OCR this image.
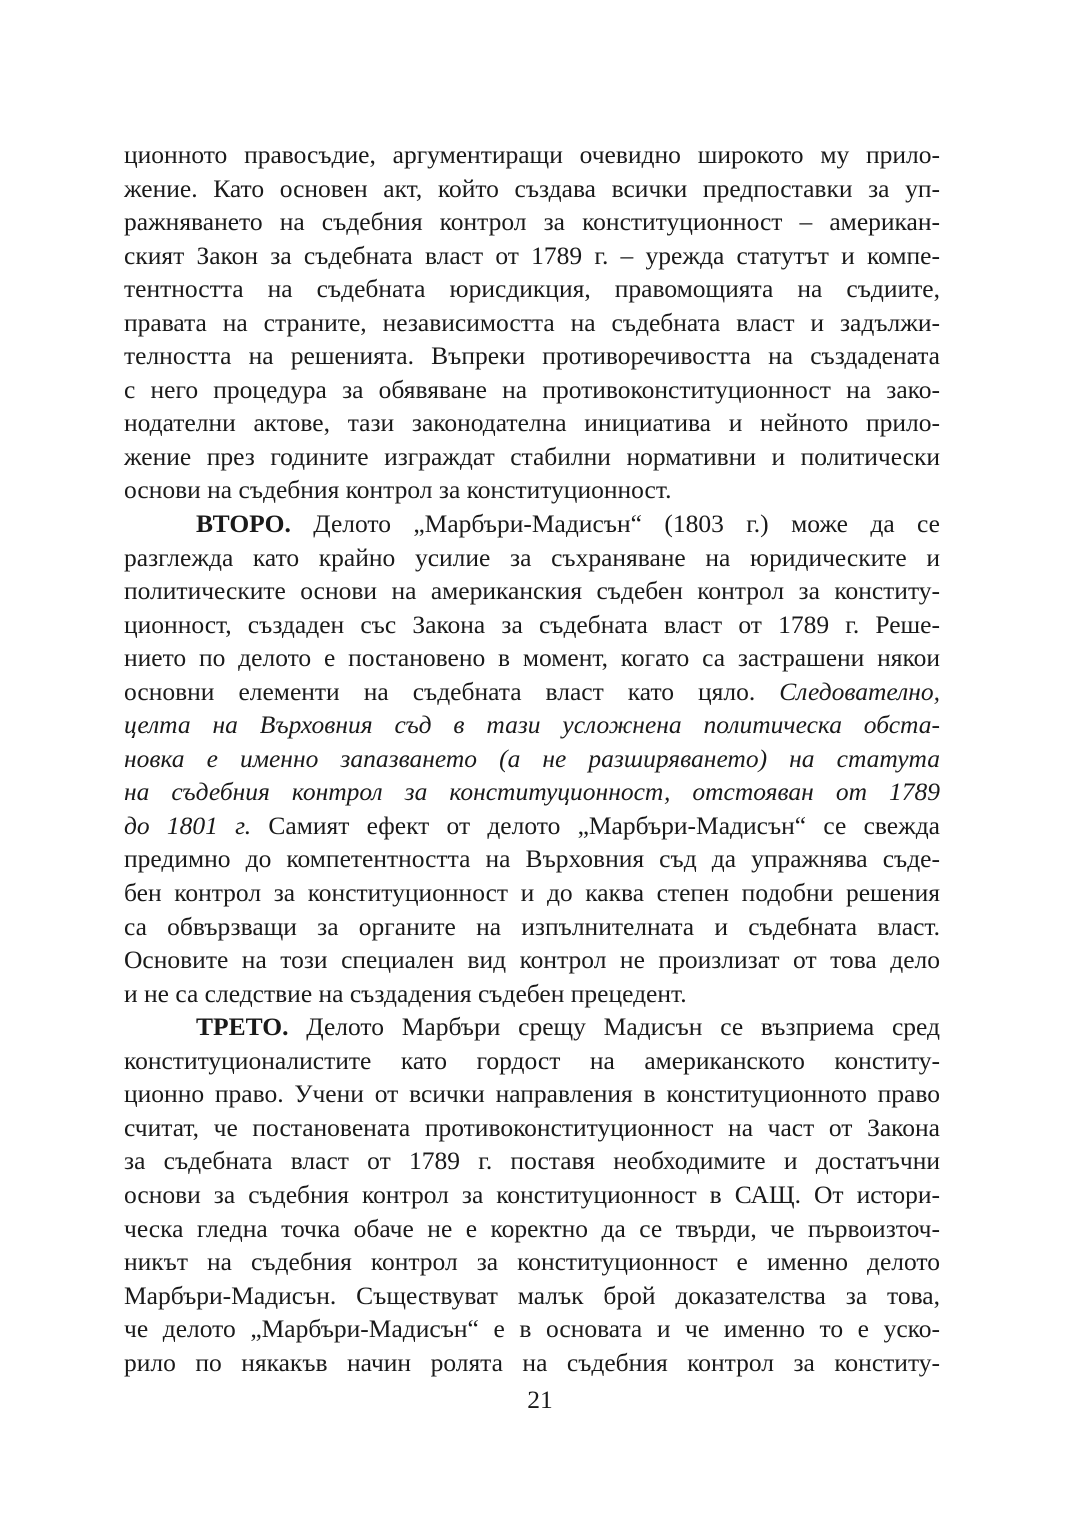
ционното правосъдие, аргументиращи очевидно широкото му прило-
жение. Като основен акт, който създава всички предпоставки за уп-
ражняването на съдебния контрол за конституционност – американ-
ският Закон за съдебната власт от 1789 г. – урежда статутът и компе-
тентността на съдебната юрисдикция, правомощията на съдиите,
правата на страните, независимостта на съдебната власт и задължи-
телността на решенията. Въпреки противоречивостта на създадената
с него процедура за обявяване на противоконституционност на зако-
нодателни актове, тази законодателна инициатива и нейното прило-
жение през годините изграждат стабилни нормативни и политически
основи на съдебния контрол за конституционност.
ВТОРО. Делото „Марбъри-Мадисън“ (1803 г.) може да се
разглежда като крайно усилие за съхраняване на юридическите и
политическите основи на американския съдебен контрол за конститу-
ционност, създаден със Закона за съдебната власт от 1789 г. Реше-
нието по делото е постановено в момент, когато са застрашени някои
основни елементи на съдебната власт като цяло. Следователно,
целта на Върховния съд в тази усложнена политическа обста-
новка е именно запазването (а не разширяването) на статута
на съдебния контрол за конституционност, отстояван от 1789
до 1801 г. Самият ефект от делото „Марбъри-Мадисън“ се свежда
предимно до компетентността на Върховния съд да упражнява съде-
бен контрол за конституционност и до каква степен подобни решения
са обвързващи за органите на изпълнителната и съдебната власт.
Основите на този специален вид контрол не произлизат от това дело
и не са следствие на създадения съдебен прецедент.
ТРЕТО. Делото Марбъри срещу Мадисън се възприема сред
конституционалистите като гордост на американското конститу-
ционно право. Учени от всички направления в конституционното право
считат, че постановената противоконституционност на част от Закона
за съдебната власт от 1789 г. поставя необходимите и достатъчни
основи за съдебния контрол за конституционност в САЩ. От истори-
ческа гледна точка обаче не е коректно да се твърди, че първоизточ-
никът на съдебния контрол за конституционност е именно делото
Марбъри-Мадисън. Съществуват малък брой доказателства за това,
че делото „Марбъри-Мадисън“ е в основата и че именно то е уско-
рило по някакъв начин ролята на съдебния контрол за конститу-
21
